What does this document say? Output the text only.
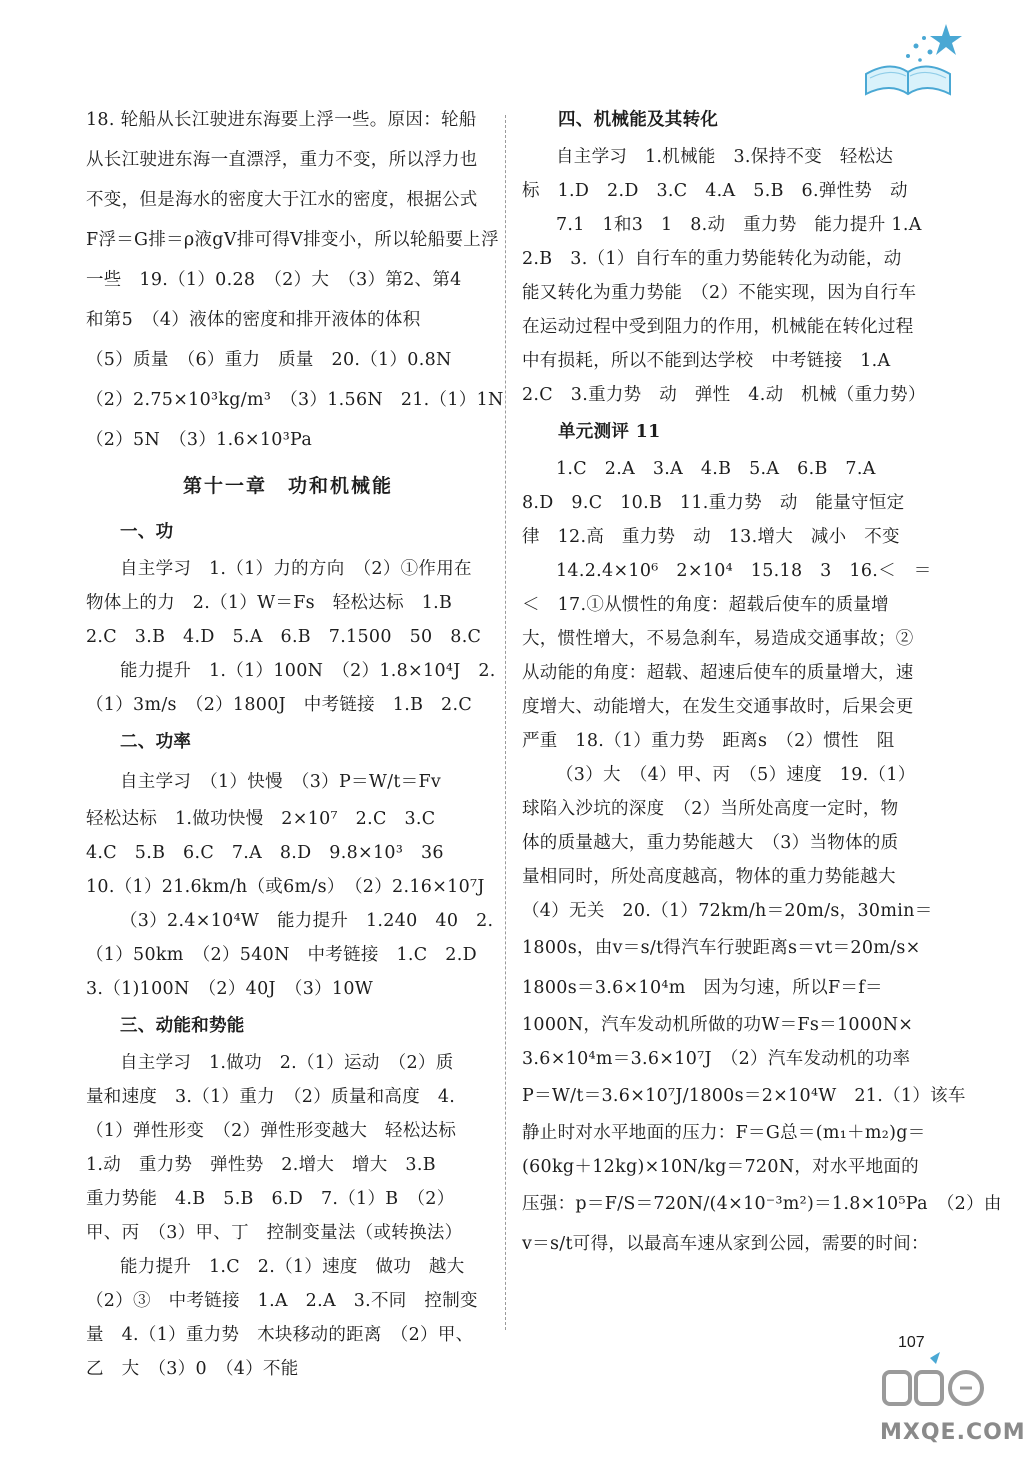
18. 轮船从长江驶进东海要上浮一些。原因：轮船
从长江驶进东海一直漂浮，重力不变，所以浮力也
不变，但是海水的密度大于江水的密度，根据公式
F浮＝G排＝ρ液gV排可得V排变小，所以轮船要上浮
一些　19.（1）0.28　（2）大　（3）第2、第4
和第5　（4）液体的密度和排开液体的体积
（5）质量　（6）重力　质量　20.（1）0.8N
（2）2.75×10³kg/m³　（3）1.56N　21.（1）1N
（2）5N　（3）1.6×10³Pa
第十一章　功和机械能
一、功
自主学习　1.（1）力的方向　（2）①作用在
物体上的力　2.（1）W＝Fs　轻松达标　1.B
2.C　3.B　4.D　5.A　6.B　7.1500　50　8.C
能力提升　1.（1）100N　（2）1.8×10⁴J　2.
（1）3m/s　（2）1800J　中考链接　1.B　2.C
二、功率
自主学习　（1）快慢　（3）P＝W/t＝Fv
轻松达标　1.做功快慢　2×10⁷　2.C　3.C
4.C　5.B　6.C　7.A　8.D　9.8×10³　36
10.（1）21.6km/h（或6m/s）　（2）2.16×10⁷J
（3）2.4×10⁴W　能力提升　1.240　40　2.
（1）50km　（2）540N　中考链接　1.C　2.D
3.（1)100N　（2）40J　（3）10W
三、动能和势能
自主学习　1.做功　2.（1）运动　（2）质
量和速度　3.（1）重力　（2）质量和高度　4.
（1）弹性形变　（2）弹性形变越大　轻松达标
1.动　重力势　弹性势　2.增大　增大　3.B
重力势能　4.B　5.B　6.D　7.（1）B　（2）
甲、丙　（3）甲、丁　控制变量法（或转换法）
能力提升　1.C　2.（1）速度　做功　越大
（2）③　中考链接　1.A　2.A　3.不同　控制变
量　4.（1）重力势　木块移动的距离　（2）甲、
乙　大　（3）0　（4）不能
四、机械能及其转化
自主学习　1.机械能　3.保持不变　轻松达
标　1.D　2.D　3.C　4.A　5.B　6.弹性势　动
7.1　1和3　1　8.动　重力势　能力提升 1.A
2.B　3.（1）自行车的重力势能转化为动能，动
能又转化为重力势能　（2）不能实现，因为自行车
在运动过程中受到阻力的作用，机械能在转化过程
中有损耗，所以不能到达学校　中考链接　1.A
2.C　3.重力势　动　弹性　4.动　机械（重力势）
单元测评 11
1.C　2.A　3.A　4.B　5.A　6.B　7.A
8.D　9.C　10.B　11.重力势　动　能量守恒定
律　12.高　重力势　动　13.增大　减小　不变
14.2.4×10⁶　2×10⁴　15.18　3　16.＜　＝
＜　17.①从惯性的角度：超载后使车的质量增
大，惯性增大，不易急刹车，易造成交通事故；②
从动能的角度：超载、超速后使车的质量增大，速
度增大、动能增大，在发生交通事故时，后果会更
严重　18.（1）重力势　距离s　（2）惯性　阻
（3）大　（4）甲、丙　（5）速度　19.（1）
球陷入沙坑的深度　（2）当所处高度一定时，物
体的质量越大，重力势能越大　（3）当物体的质
量相同时，所处高度越高，物体的重力势能越大
（4）无关　20.（1）72km/h＝20m/s，30min＝
1800s，由v＝s/t得汽车行驶距离s＝vt＝20m/s×
1800s＝3.6×10⁴m　因为匀速，所以F＝f＝
1000N，汽车发动机所做的功W＝Fs＝1000N×
3.6×10⁴m＝3.6×10⁷J　（2）汽车发动机的功率
P＝W/t＝3.6×10⁷J/1800s＝2×10⁴W　21.（1）该车
静止时对水平地面的压力：F＝G总＝(m₁＋m₂)g＝
(60kg＋12kg)×10N/kg＝720N，对水平地面的
压强：p＝F/S＝720N/(4×10⁻³m²)＝1.8×10⁵Pa　（2）由
v＝s/t可得，以最高车速从家到公园，需要的时间：
107
MXQE.COM
